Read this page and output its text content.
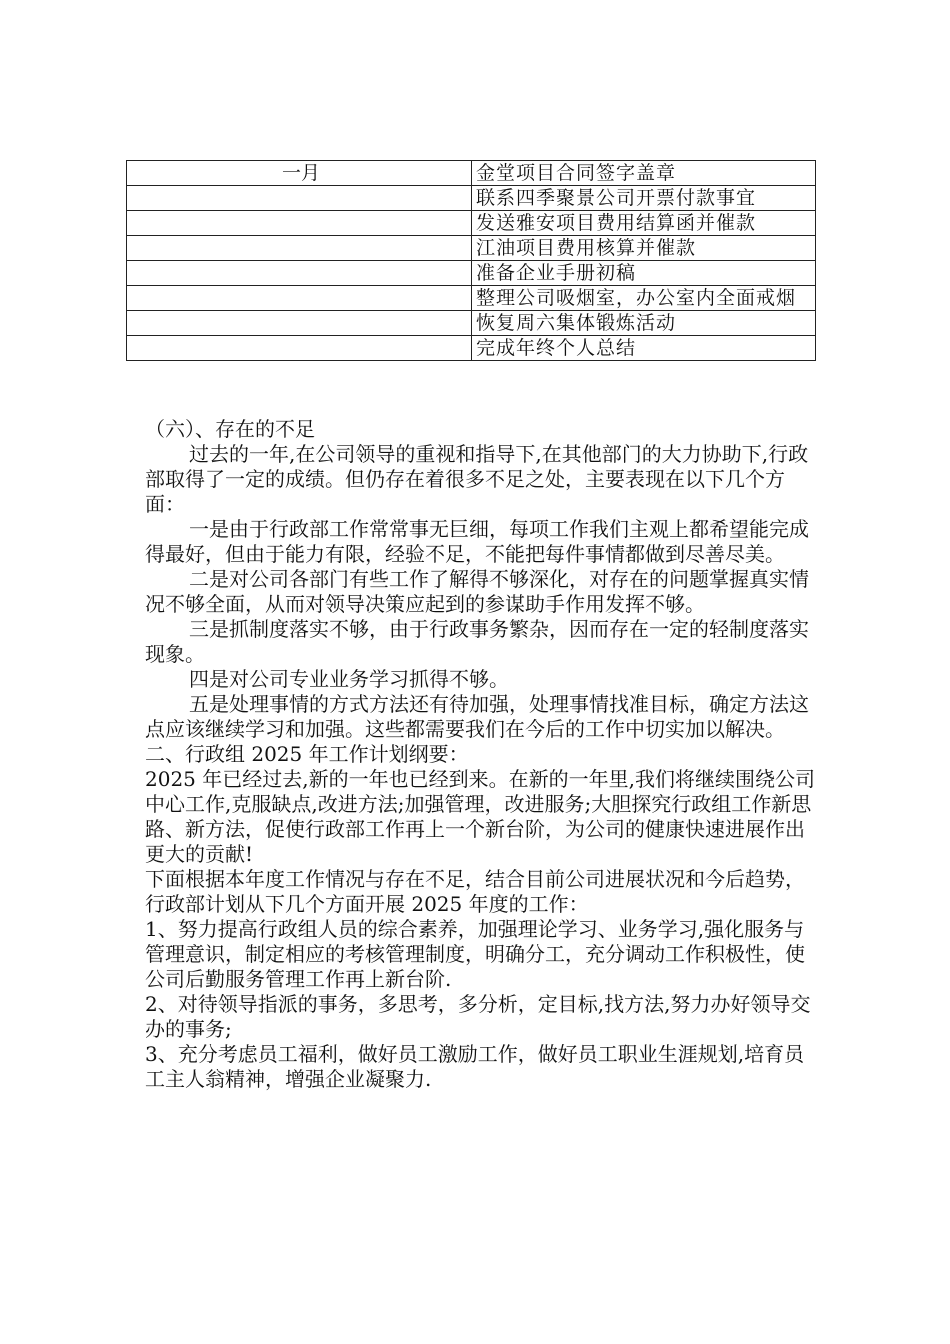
一月	金堂项目合同签字盖章
	联系四季聚景公司开票付款事宜
	发送雅安项目费用结算函并催款
	江油项目费用核算并催款
	准备企业手册初稿
	整理公司吸烟室，办公室内全面戒烟
	恢复周六集体锻炼活动
	完成年终个人总结

（六）、存在的不足

过去的一年,在公司领导的重视和指导下,在其他部门的大力协助下,行政部取得了一定的成绩。但仍存在着很多不足之处，主要表现在以下几个方面：

一是由于行政部工作常常事无巨细，每项工作我们主观上都希望能完成得最好，但由于能力有限，经验不足，不能把每件事情都做到尽善尽美。

二是对公司各部门有些工作了解得不够深化，对存在的问题掌握真实情况不够全面，从而对领导决策应起到的参谋助手作用发挥不够。

三是抓制度落实不够，由于行政事务繁杂，因而存在一定的轻制度落实现象。

四是对公司专业业务学习抓得不够。

五是处理事情的方式方法还有待加强，处理事情找准目标，确定方法这点应该继续学习和加强。这些都需要我们在今后的工作中切实加以解决。

二、行政组 2025 年工作计划纲要：

2025 年已经过去,新的一年也已经到来。在新的一年里,我们将继续围绕公司中心工作,克服缺点,改进方法;加强管理，改进服务;大胆探究行政组工作新思路、新方法，促使行政部工作再上一个新台阶，为公司的健康快速进展作出更大的贡献!

下面根据本年度工作情况与存在不足，结合目前公司进展状况和今后趋势，行政部计划从下几个方面开展 2025 年度的工作：

1、努力提高行政组人员的综合素养，加强理论学习、业务学习,强化服务与管理意识，制定相应的考核管理制度，明确分工，充分调动工作积极性，使公司后勤服务管理工作再上新台阶.

2、对待领导指派的事务，多思考，多分析，定目标,找方法,努力办好领导交办的事务;

3、充分考虑员工福利，做好员工激励工作，做好员工职业生涯规划,培育员工主人翁精神，增强企业凝聚力.
